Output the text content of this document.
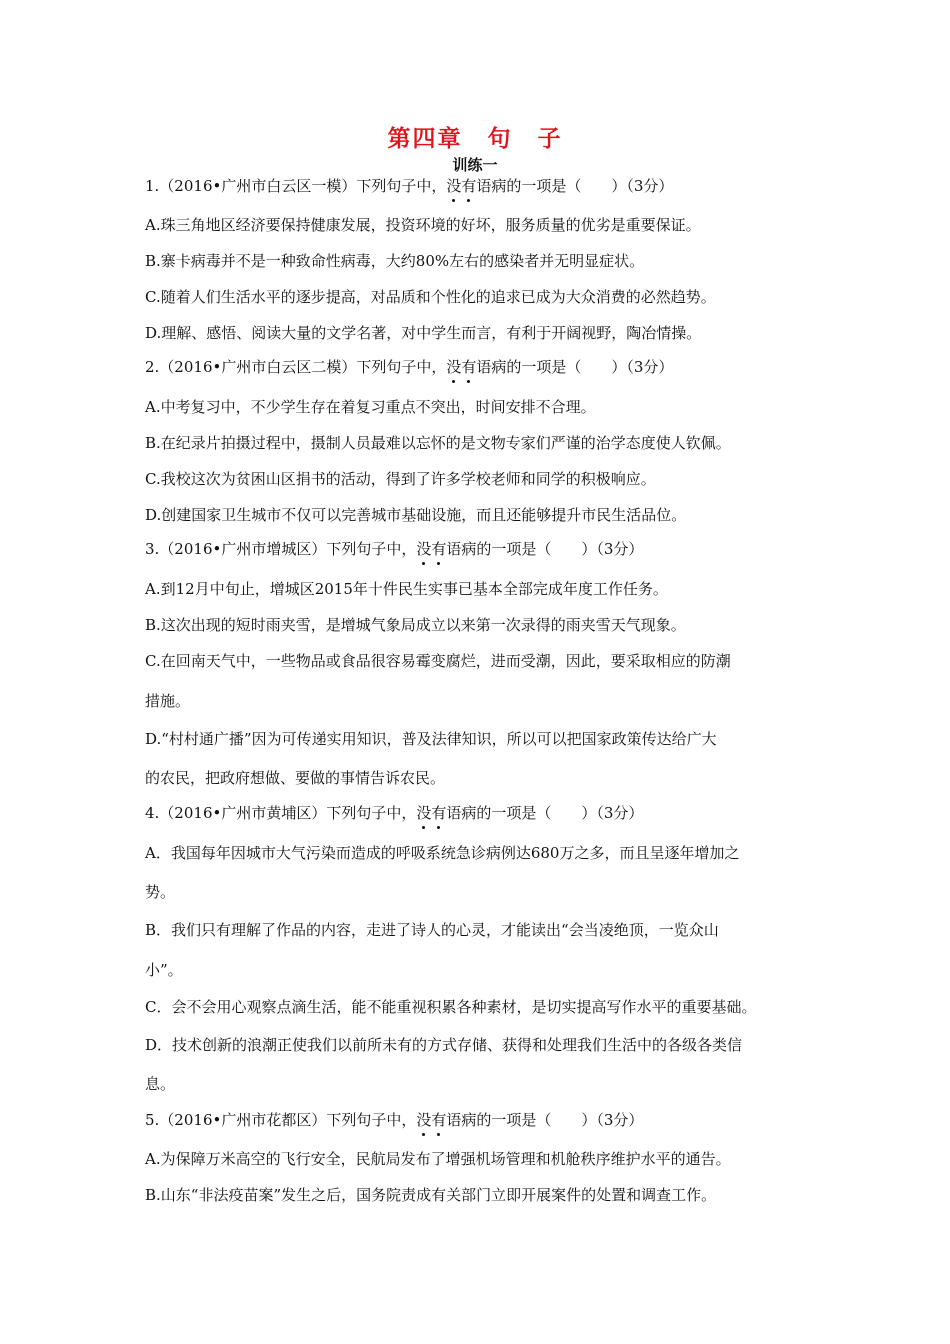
第四章　句　子
训练一
1.（2016•广州市白云区一模）下列句子中，没有语病的一项是（　　）（3分）
A.珠三角地区经济要保持健康发展，投资环境的好坏，服务质量的优劣是重要保证。
B.寨卡病毒并不是一种致命性病毒，大约80%左右的感染者并无明显症状。
C.随着人们生活水平的逐步提高，对品质和个性化的追求已成为大众消费的必然趋势。
D.理解、感悟、阅读大量的文学名著，对中学生而言，有利于开阔视野，陶冶情操。
2.（2016•广州市白云区二模）下列句子中，没有语病的一项是（　　）（3分）
A.中考复习中，不少学生存在着复习重点不突出，时间安排不合理。
B.在纪录片拍摄过程中，摄制人员最难以忘怀的是文物专家们严谨的治学态度使人钦佩。
C.我校这次为贫困山区捐书的活动，得到了许多学校老师和同学的积极响应。
D.创建国家卫生城市不仅可以完善城市基础设施，而且还能够提升市民生活品位。
3.（2016•广州市增城区）下列句子中，没有语病的一项是（　　）（3分）
A.到12月中旬止，增城区2015年十件民生实事已基本全部完成年度工作任务。
B.这次出现的短时雨夹雪，是增城气象局成立以来第一次录得的雨夹雪天气现象。
C.在回南天气中，一些物品或食品很容易霉变腐烂，进而受潮，因此，要采取相应的防潮
措施。
D.“村村通广播”因为可传递实用知识，普及法律知识，所以可以把国家政策传达给广大
的农民，把政府想做、要做的事情告诉农民。
4.（2016•广州市黄埔区）下列句子中，没有语病的一项是（　　）（3分）
A．我国每年因城市大气污染而造成的呼吸系统急诊病例达680万之多，而且呈逐年增加之
势。
B．我们只有理解了作品的内容，走进了诗人的心灵，才能读出“会当凌绝顶，一览众山
小”。
C．会不会用心观察点滴生活，能不能重视积累各种素材，是切实提高写作水平的重要基础。
D．技术创新的浪潮正使我们以前所未有的方式存储、获得和处理我们生活中的各级各类信
息。
5.（2016•广州市花都区）下列句子中，没有语病的一项是（　　）（3分）
A.为保障万米高空的飞行安全，民航局发布了增强机场管理和机舱秩序维护水平的通告。
B.山东“非法疫苗案”发生之后，国务院责成有关部门立即开展案件的处置和调查工作。
